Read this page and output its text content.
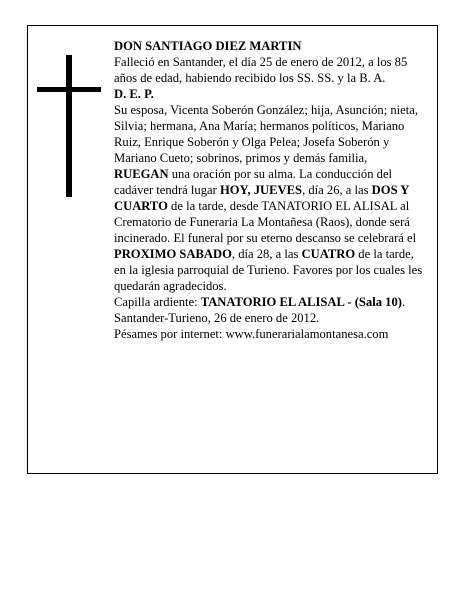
DON SANTIAGO DIEZ MARTIN

Falleció en Santander, el día 25 de enero de 2012, a los 85 años de edad, habiendo recibido los SS. SS. y la B. A.

D. E. P.

Su esposa, Vicenta Soberón González; hija, Asunción; nieta, Silvia; hermana, Ana María; hermanos políticos, Mariano Ruiz, Enrique Soberón y Olga Pelea; Josefa Soberón y Mariano Cueto; sobrinos, primos y demás familia,

RUEGAN una oración por su alma. La conducción del cadáver tendrá lugar HOY, JUEVES, día 26, a las DOS Y CUARTO de la tarde, desde TANATORIO EL ALISAL al Crematorio de Funeraria La Montañesa (Raos), donde será incinerado. El funeral por su eterno descanso se celebrará el PROXIMO SABADO, día 28, a las CUATRO de la tarde, en la iglesia parroquial de Turieno. Favores por los cuales les quedarán agradecidos.

Capilla ardiente: TANATORIO EL ALISAL - (Sala 10).

Santander-Turieno, 26 de enero de 2012.

Pésames por internet: www.funerarialamontanesa.com
